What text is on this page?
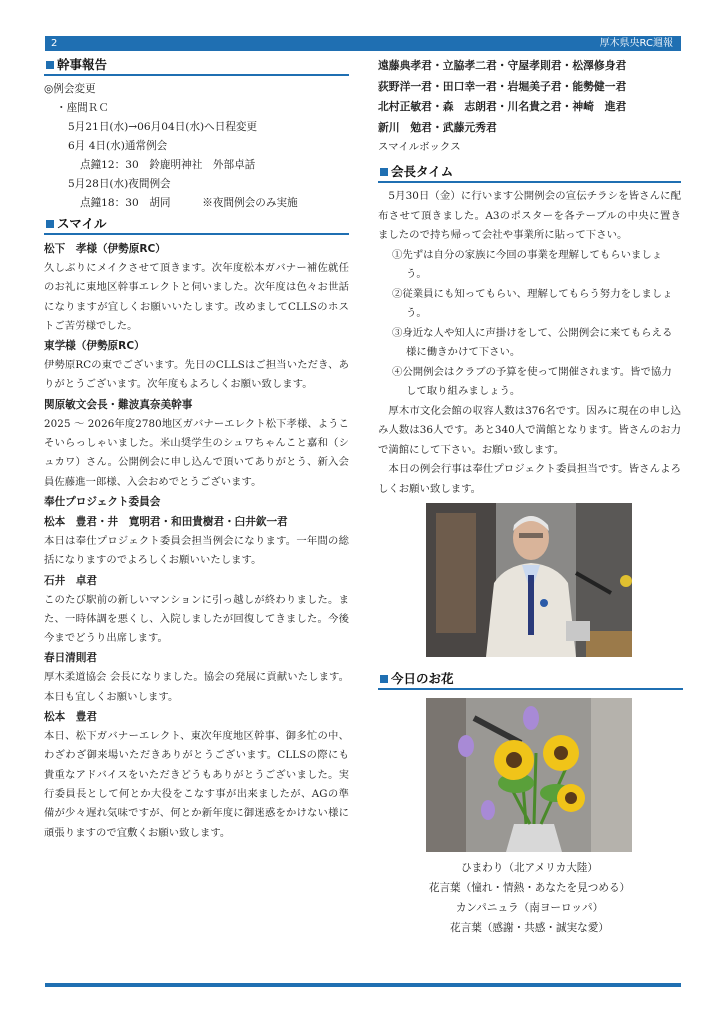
2	厚木県央RC週報
幹事報告
◎例会変更
・座間ＲＣ
5月21日(水)→06月04日(水)へ日程変更
6月 4日(水)通常例会
点鐘12：30　鈴鹿明神社　外部卓話
5月28日(水)夜間例会
点鐘18：30　胡同　　　※夜間例会のみ実施
スマイル
松下　孝様（伊勢原RC）
久しぶりにメイクさせて頂きます。次年度松本ガバナー補佐就任のお礼に東地区幹事エレクトと伺いました。次年度は色々お世話になりますが宜しくお願いいたします。改めましてCLLSのホストご苦労様でした。
東学様（伊勢原RC）
伊勢原RCの東でございます。先日のCLLSはご担当いただき、ありがとうございます。次年度もよろしくお願い致します。
関原敏文会長・難波真奈美幹事
2025 ～ 2026年度2780地区ガバナーエレクト松下孝様、ようこそいらっしゃいました。米山奨学生のシュワちゃんこと嘉和（シュカワ）さん。公開例会に申し込んで頂いてありがとう、新入会員佐藤進一郎様、入会おめでとうございます。
奉仕プロジェクト委員会
松本　豊君・井　寛明君・和田貴樹君・臼井欽一君
本日は奉仕プロジェクト委員会担当例会になります。一年間の総括になりますのでよろしくお願いいたします。
石井　卓君
このたび駅前の新しいマンションに引っ越しが終わりました。また、一時体調を悪くし、入院しましたが回復してきました。今後今までどうり出席します。
春日清則君
厚木柔道協会 会長になりました。協会の発展に貢献いたします。本日も宜しくお願いします。
松本　豊君
本日、松下ガバナーエレクト、東次年度地区幹事、御多忙の中、わざわざ御来場いただきありがとうございます。CLLSの際にも貴重なアドバイスをいただきどうもありがとうございました。実行委員長として何とか大役をこなす事が出来ましたが、AGの準備が少々遅れ気味ですが、何とか新年度に御迷惑をかけない様に頑張りますので宜敷くお願い致します。
遠藤典孝君・立脇孝二君・守屋孝則君・松澤修身君
荻野洋一君・田口幸一君・岩堀美子君・能勢健一君
北村正敏君・森　志朗君・川名貴之君・神崎　進君
新川　勉君・武藤元秀君
スマイルボックス
会長タイム
5月30日（金）に行います公開例会の宣伝チラシを皆さんに配布させて頂きました。A3のポスターを各テーブルの中央に置きましたので持ち帰って会社や事業所に貼って下さい。
①先ずは自分の家族に今回の事業を理解してもらいましょう。
②従業員にも知ってもらい、理解してもらう努力をしましょう。
③身近な人や知人に声掛けをして、公開例会に来てもらえる様に働きかけて下さい。
④公開例会はクラブの予算を使って開催されます。皆で協力して取り組みましょう。
厚木市文化会館の収容人数は376名です。因みに現在の申し込み人数は36人です。あと340人で満館となります。皆さんのお力で満館にして下さい。お願い致します。
本日の例会行事は奉仕プロジェクト委員担当です。皆さんよろしくお願い致します。
今日のお花
ひまわり（北アメリカ大陸）
花言葉（憧れ・情熱・あなたを見つめる）
カンパニュラ（南ヨーロッパ）
花言葉（感謝・共感・誠実な愛）
